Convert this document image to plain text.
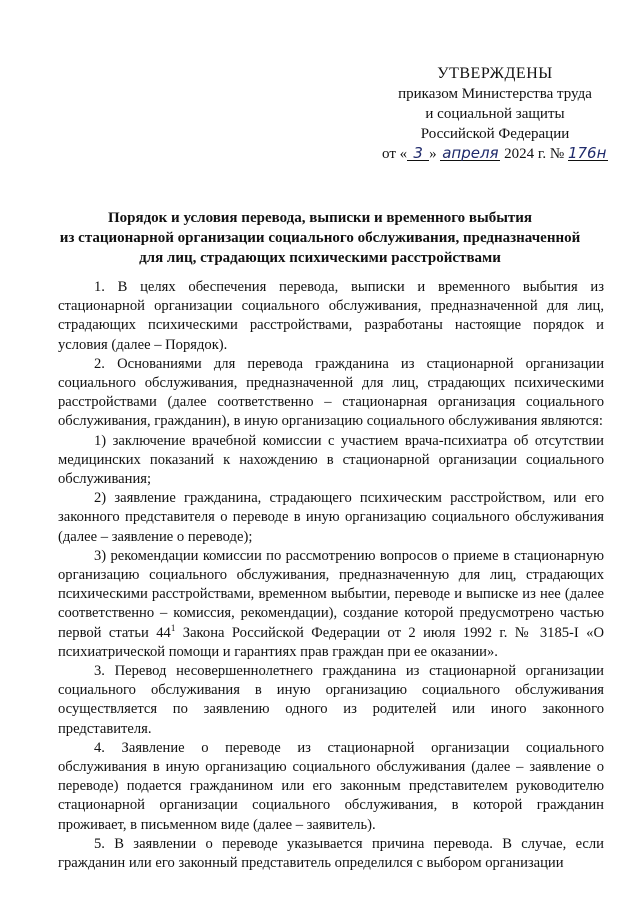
УТВЕРЖДЕНЫ
приказом Министерства труда
и социальной защиты
Российской Федерации
от « 3 » апреля 2024 г. № 176н
Порядок и условия перевода, выписки и временного выбытия
из стационарной организации социального обслуживания, предназначенной
для лиц, страдающих психическими расстройствами

1. В целях обеспечения перевода, выписки и временного выбытия из стационарной организации социального обслуживания, предназначенной для лиц, страдающих психическими расстройствами, разработаны настоящие порядок и условия (далее – Порядок).

2. Основаниями для перевода гражданина из стационарной организации социального обслуживания, предназначенной для лиц, страдающих психическими расстройствами (далее соответственно – стационарная организация социального обслуживания, гражданин), в иную организацию социального обслуживания являются:

1) заключение врачебной комиссии с участием врача-психиатра об отсутствии медицинских показаний к нахождению в стационарной организации социального обслуживания;

2) заявление гражданина, страдающего психическим расстройством, или его законного представителя о переводе в иную организацию социального обслуживания (далее – заявление о переводе);

3) рекомендации комиссии по рассмотрению вопросов о приеме в стационарную организацию социального обслуживания, предназначенную для лиц, страдающих психическими расстройствами, временном выбытии, переводе и выписке из нее (далее соответственно – комиссия, рекомендации), создание которой предусмотрено частью первой статьи $44^1$ Закона Российской Федерации от 2 июля 1992 г. № 3185-I «О психиатрической помощи и гарантиях прав граждан при ее оказании».

3. Перевод несовершеннолетнего гражданина из стационарной организации социального обслуживания в иную организацию социального обслуживания осуществляется по заявлению одного из родителей или иного законного представителя.

4. Заявление о переводе из стационарной организации социального обслуживания в иную организацию социального обслуживания (далее – заявление о переводе) подается гражданином или его законным представителем руководителю стационарной организации социального обслуживания, в которой гражданин проживает, в письменном виде (далее – заявитель).

5. В заявлении о переводе указывается причина перевода. В случае, если гражданин или его законный представитель определился с выбором организации
